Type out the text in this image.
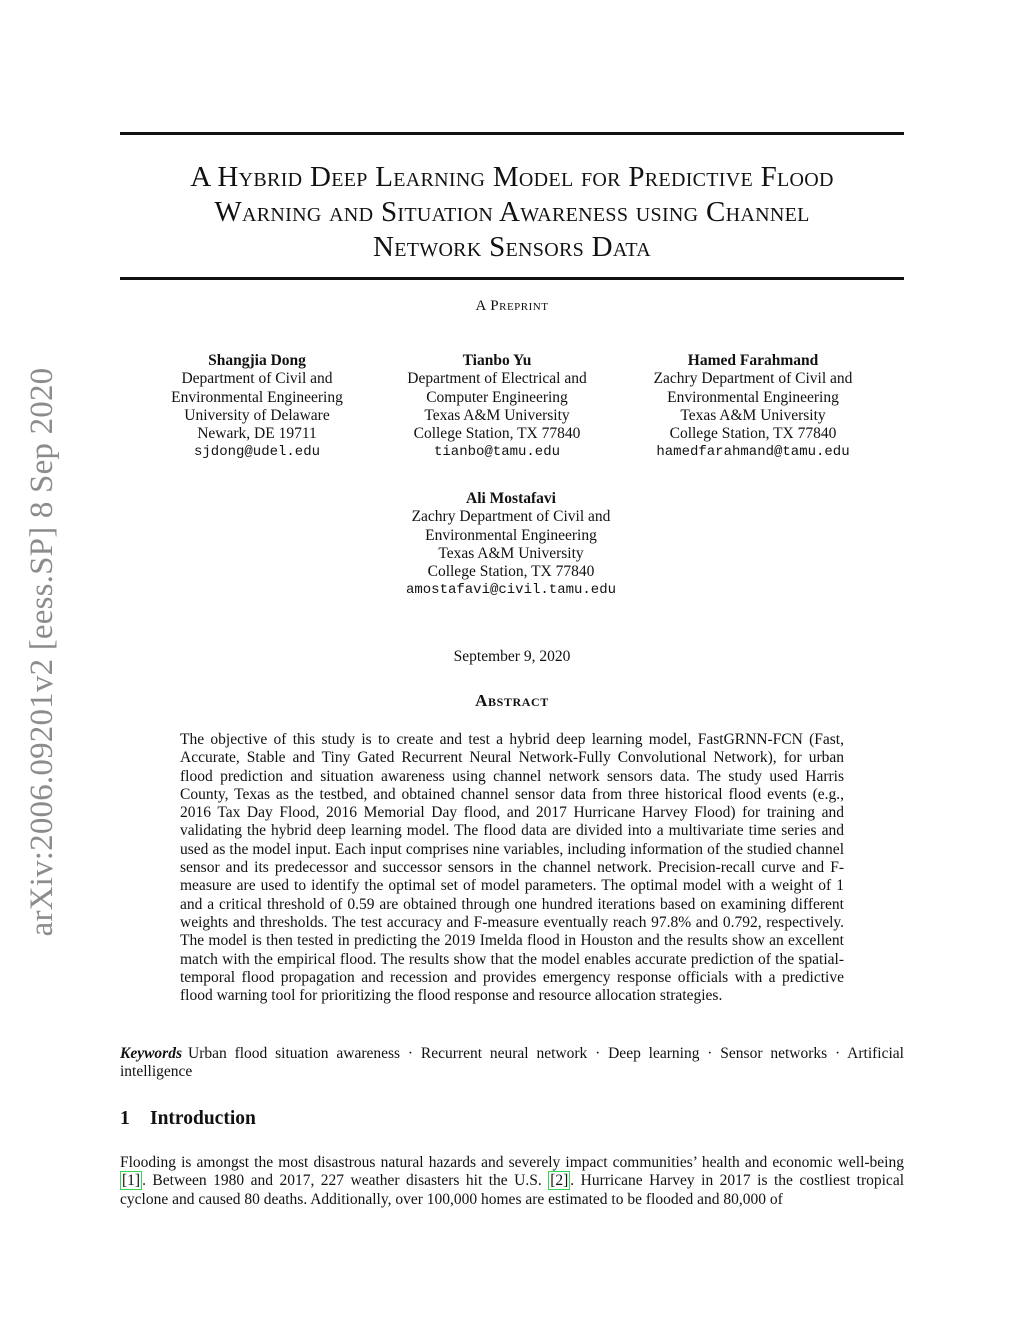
arXiv:2006.09201v2 [eess.SP] 8 Sep 2020
A Hybrid Deep Learning Model for Predictive Flood
Warning and Situation Awareness using Channel
Network Sensors Data
A Preprint
Shangjia Dong
Department of Civil and
Environmental Engineering
University of Delaware
Newark, DE 19711
sjdong@udel.edu
Tianbo Yu
Department of Electrical and
Computer Engineering
Texas A&M University
College Station, TX 77840
tianbo@tamu.edu
Hamed Farahmand
Zachry Department of Civil and
Environmental Engineering
Texas A&M University
College Station, TX 77840
hamedfarahmand@tamu.edu
Ali Mostafavi
Zachry Department of Civil and
Environmental Engineering
Texas A&M University
College Station, TX 77840
amostafavi@civil.tamu.edu
September 9, 2020
Abstract
The objective of this study is to create and test a hybrid deep learning model, FastGRNN-FCN (Fast, Accurate, Stable and Tiny Gated Recurrent Neural Network-Fully Convolutional Network), for urban flood prediction and situation awareness using channel network sensors data. The study used Harris County, Texas as the testbed, and obtained channel sensor data from three historical flood events (e.g., 2016 Tax Day Flood, 2016 Memorial Day flood, and 2017 Hurricane Harvey Flood) for training and validating the hybrid deep learning model. The flood data are divided into a multivariate time series and used as the model input. Each input comprises nine variables, including information of the studied channel sensor and its predecessor and successor sensors in the channel network. Precision-recall curve and F-measure are used to identify the optimal set of model parameters. The optimal model with a weight of 1 and a critical threshold of 0.59 are obtained through one hundred iterations based on examining different weights and thresholds. The test accuracy and F-measure eventually reach 97.8% and 0.792, respectively. The model is then tested in predicting the 2019 Imelda flood in Houston and the results show an excellent match with the empirical flood. The results show that the model enables accurate prediction of the spatial-temporal flood propagation and recession and provides emergency response officials with a predictive flood warning tool for prioritizing the flood response and resource allocation strategies.
Keywords Urban flood situation awareness · Recurrent neural network · Deep learning · Sensor networks · Artificial intelligence
1 Introduction
Flooding is amongst the most disastrous natural hazards and severely impact communities’ health and economic well-being [1] . Between 1980 and 2017, 227 weather disasters hit the U.S. [2] . Hurricane Harvey in 2017 is the costliest tropical cyclone and caused 80 deaths. Additionally, over 100,000 homes are estimated to be flooded and 80,000 of
